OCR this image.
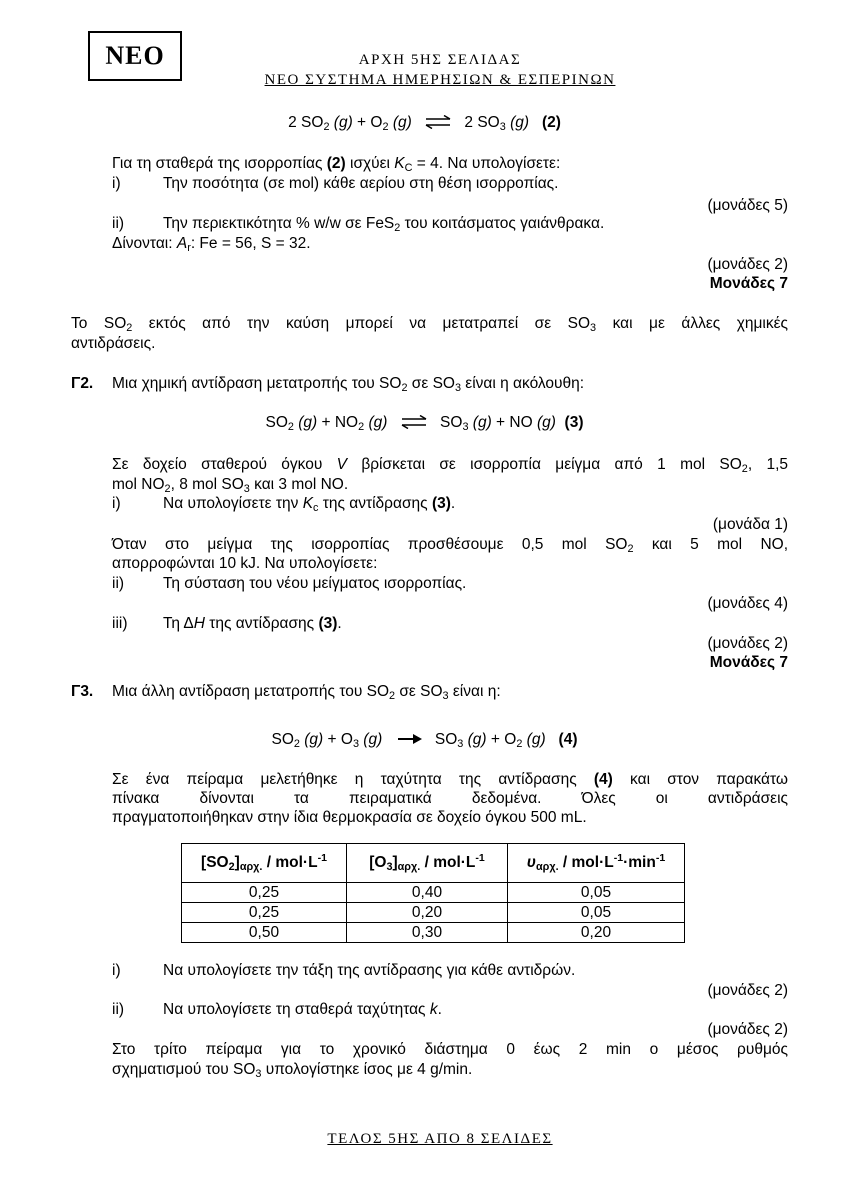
ΝΕΟ	ΑΡΧΗ 5ΗΣ ΣΕΛΙΔΑΣ
ΝΕΟ ΣΥΣΤΗΜΑ ΗΜΕΡΗΣΙΩΝ & ΕΣΠΕΡΙΝΩΝ
2 $SO_2$ $(g) + O_2$ (g) ⇌ 2 $SO_3$ (g) (2)
Για τη σταθερά της ισορροπίας (2) ισχύει $K_C = 4$. Να υπολογίσετε:
i)	Την ποσότητα (σε mol) κάθε αερίου στη θέση ισορροπίας.
(μονάδες 5)
ii)	Την περιεκτικότητα % w/w σε FeS$_2$ του κοιτάσματος γαιάνθρακα.
Δίνονται: $A_r$: Fe = 56, S = 32.
(μονάδες 2)
Μονάδες 7
Το $SO_2$ εκτός από την καύση μπορεί να μετατραπεί σε $SO_3$ και με άλλες χημικές
αντιδράσεις.
Γ2. Μια χημική αντίδραση μετατροπής του $SO_2$ σε $SO_3$ είναι η ακόλουθη:
$SO_2$ $(g) + NO_2$ (g) ⇌ $SO_3$ (g) + NO (g) (3)
Σε δοχείο σταθερού όγκου V βρίσκεται σε ισορροπία μείγμα από 1 mol $SO_2$, 1,5
mol $NO_2$, 8 mol $SO_3$ και 3 mol NO.
i)	Να υπολογίσετε την $K_c$ της αντίδρασης (3).
(μονάδα 1)
Όταν στο μείγμα της ισορροπίας προσθέσουμε 0,5 mol $SO_2$ και 5 mol NO,
απορροφώνται 10 kJ. Να υπολογίσετε:
ii)	Τη σύσταση του νέου μείγματος ισορροπίας.
(μονάδες 4)
iii) Τη ΔH της αντίδρασης (3).
(μονάδες 2)
Μονάδες 7
Γ3. Μια άλλη αντίδραση μετατροπής του $SO_2$ σε $SO_3$ είναι η:
$SO_2$ $(g) + O_3$ $(g) \to SO_3$ $(g) + O_2$ (g) (4)
Σε ένα πείραμα μελετήθηκε η ταχύτητα της αντίδρασης (4) και στον παρακάτω
πίνακα δίνονται τα πειραματικά δεδομένα. Όλες οι αντιδράσεις
πραγματοποιήθηκαν στην ίδια θερμοκρασία σε δοχείο όγκου 500 mL.
$[SO_2]_{\alpha\rho\chi.} / mol\cdot L^{-1}$	$[O_3]_{\alpha\rho\chi.} / mol\cdot L^{-1}$	$\upsilon_{\alpha\rho\chi.} / mol\cdot L^{-1}\cdot\min^{-1}$
0,25	0,40	0,05
0,25	0,20	0,05
0,50	0,30	0,20
i)	Να υπολογίσετε την τάξη της αντίδρασης για κάθε αντιδρών.
(μονάδες 2)
ii)	Να υπολογίσετε τη σταθερά ταχύτητας k.
(μονάδες 2)
Στο τρίτο πείραμα για το χρονικό διάστημα 0 έως 2 min ο μέσος ρυθμός
σχηματισμού του $SO_3$ υπολογίστηκε ίσος με 4 g/min.
ΤΕΛΟΣ 5ΗΣ ΑΠΟ 8 ΣΕΛΙΔΕΣ
